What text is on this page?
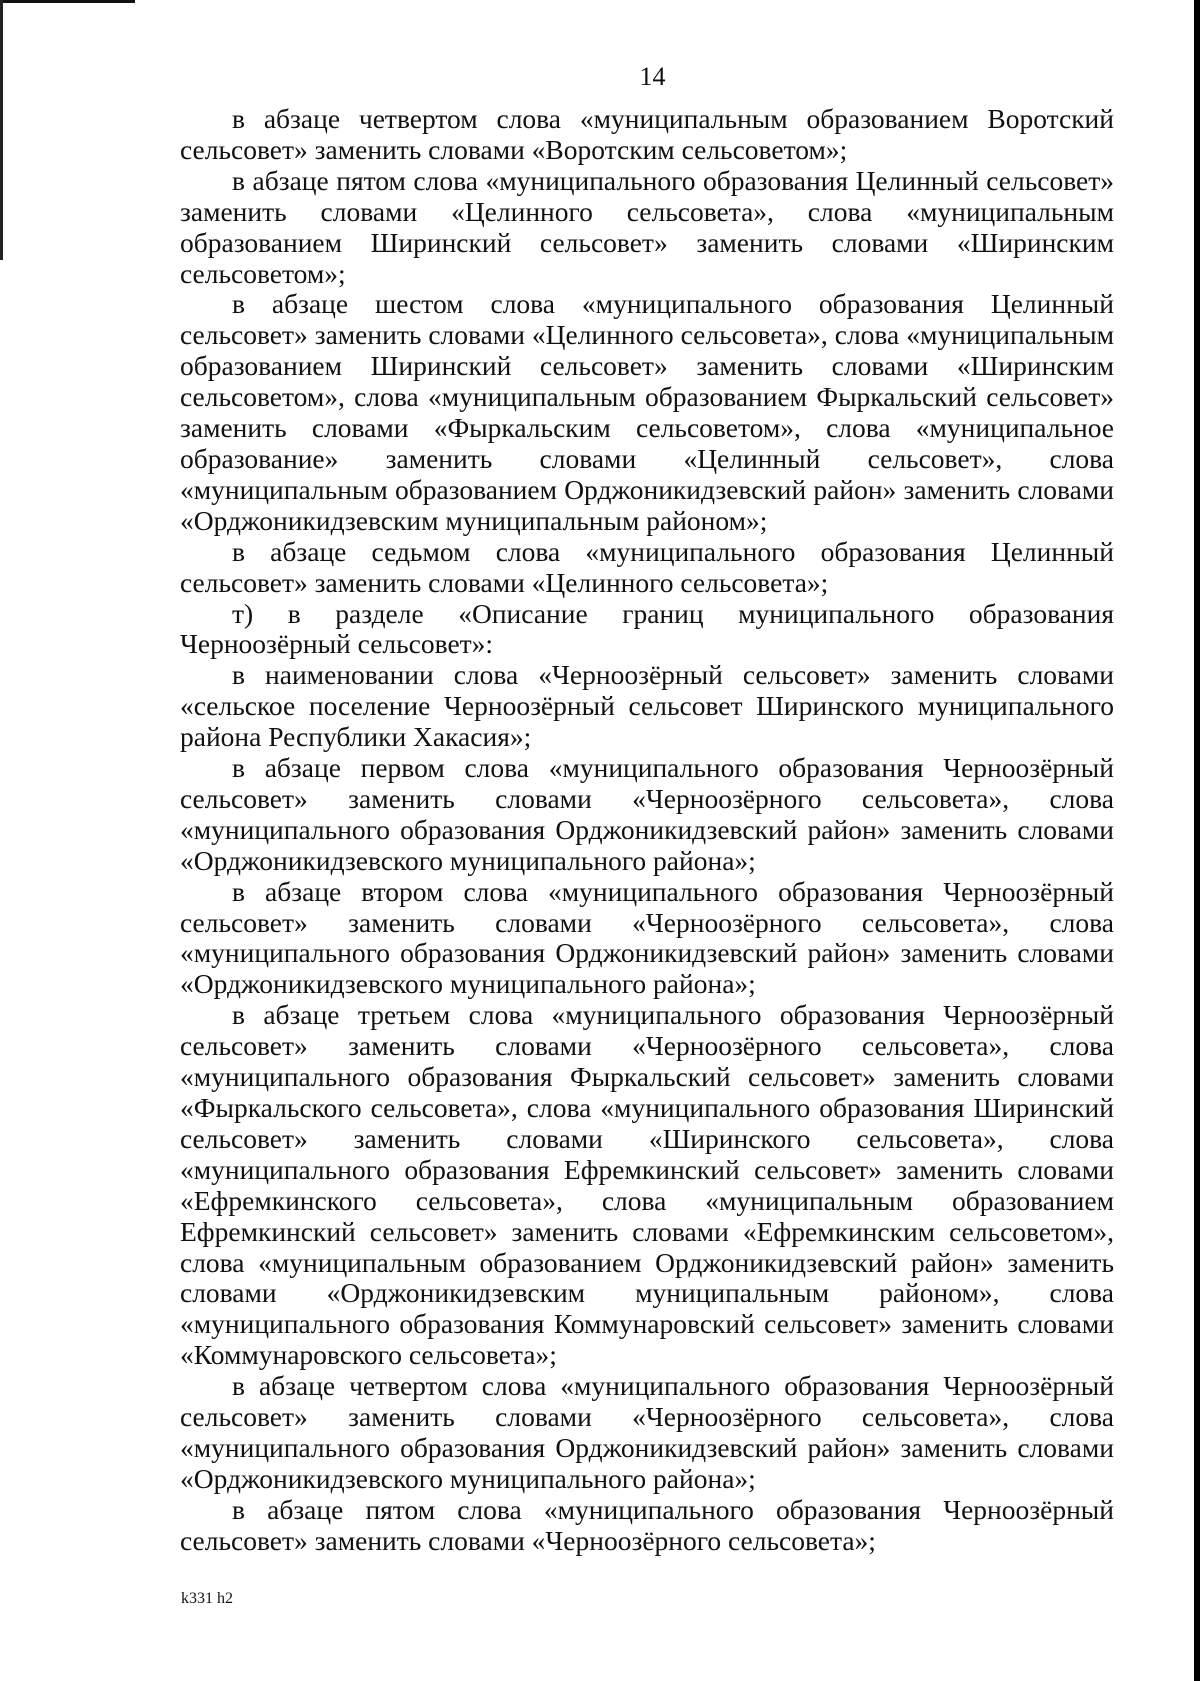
14

в абзаце четвертом слова «муниципальным образованием Воротский сельсовет» заменить словами «Воротским сельсоветом»;

в абзаце пятом слова «муниципального образования Целинный сельсовет» заменить словами «Целинного сельсовета», слова «муниципальным образованием Ширинский сельсовет» заменить словами «Ширинским сельсоветом»;

в абзаце шестом слова «муниципального образования Целинный сельсовет» заменить словами «Целинного сельсовета», слова «муниципальным образованием Ширинский сельсовет» заменить словами «Ширинским сельсоветом», слова «муниципальным образованием Фыркальский сельсовет» заменить словами «Фыркальским сельсоветом», слова «муниципальное образование» заменить словами «Целинный сельсовет», слова «муниципальным образованием Орджоникидзевский район» заменить словами «Орджоникидзевским муниципальным районом»;

в абзаце седьмом слова «муниципального образования Целинный сельсовет» заменить словами «Целинного сельсовета»;

т) в разделе «Описание границ муниципального образования Черноозёрный сельсовет»:

в наименовании слова «Черноозёрный сельсовет» заменить словами «сельское поселение Черноозёрный сельсовет Ширинского муниципального района Республики Хакасия»;

в абзаце первом слова «муниципального образования Черноозёрный сельсовет» заменить словами «Черноозёрного сельсовета», слова «муниципального образования Орджоникидзевский район» заменить словами «Орджоникидзевского муниципального района»;

в абзаце втором слова «муниципального образования Черноозёрный сельсовет» заменить словами «Черноозёрного сельсовета», слова «муниципального образования Орджоникидзевский район» заменить словами «Орджоникидзевского муниципального района»;

в абзаце третьем слова «муниципального образования Черноозёрный сельсовет» заменить словами «Черноозёрного сельсовета», слова «муниципального образования Фыркальский сельсовет» заменить словами «Фыркальского сельсовета», слова «муниципального образования Ширинский сельсовет» заменить словами «Ширинского сельсовета», слова «муниципального образования Ефремкинский сельсовет» заменить словами «Ефремкинского сельсовета», слова «муниципальным образованием Ефремкинский сельсовет» заменить словами «Ефремкинским сельсоветом», слова «муниципальным образованием Орджоникидзевский район» заменить словами «Орджоникидзевским муниципальным районом», слова «муниципального образования Коммунаровский сельсовет» заменить словами «Коммунаровского сельсовета»;

в абзаце четвертом слова «муниципального образования Черноозёрный сельсовет» заменить словами «Черноозёрного сельсовета», слова «муниципального образования Орджоникидзевский район» заменить словами «Орджоникидзевского муниципального района»;

в абзаце пятом слова «муниципального образования Черноозёрный сельсовет» заменить словами «Черноозёрного сельсовета»;

k331 h2
